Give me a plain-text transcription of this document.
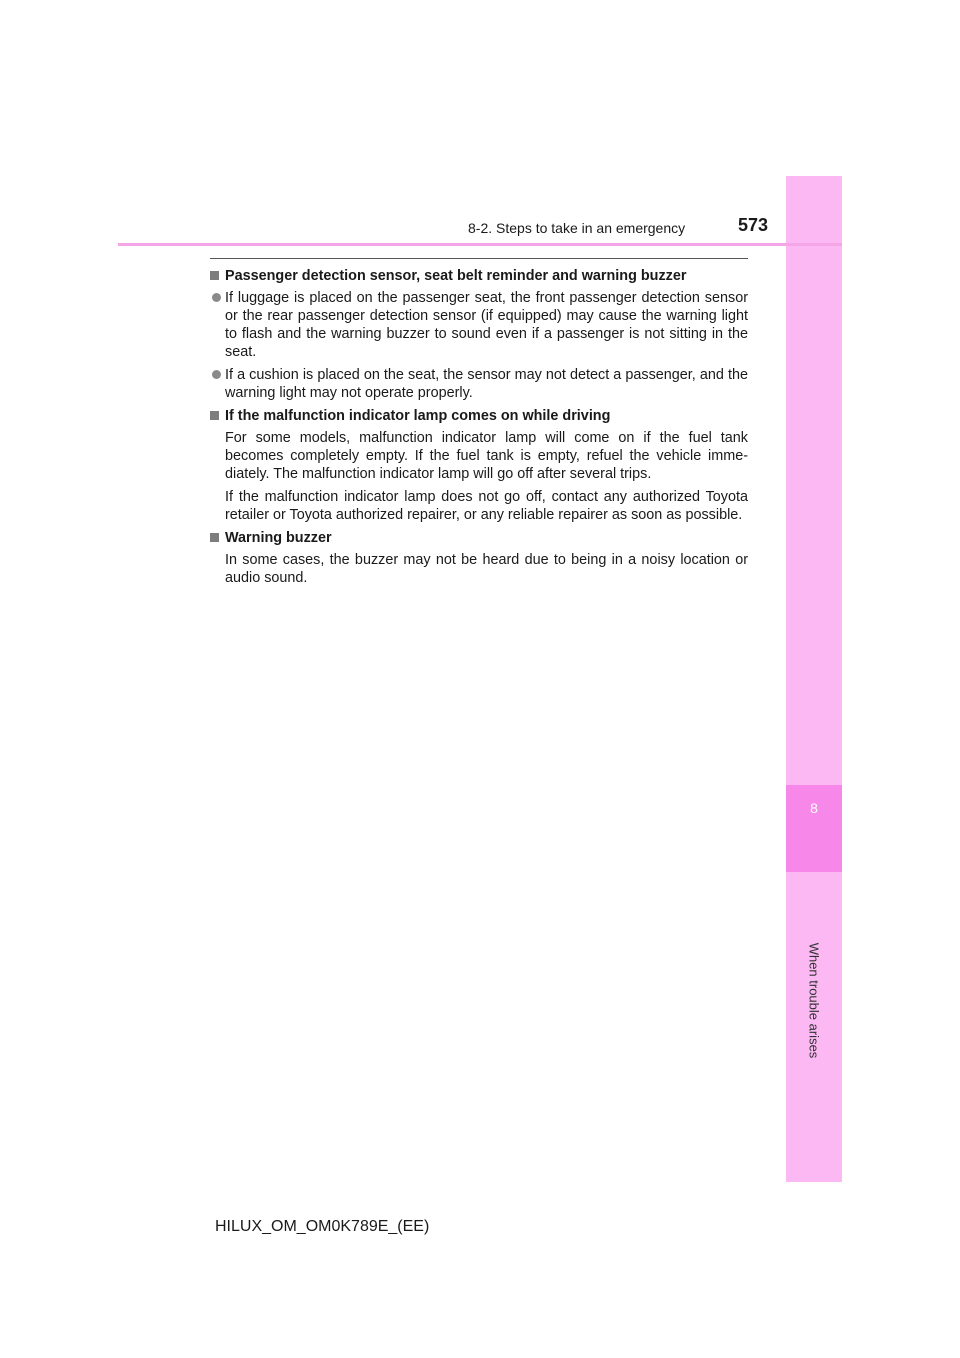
8
When trouble arises
8-2. Steps to take in an emergency	573
Passenger detection sensor, seat belt reminder and warning buzzer
If luggage is placed on the passenger seat, the front passenger detection sensor or the rear passenger detection sensor (if equipped) may cause the warning light to flash and the warning buzzer to sound even if a passenger is not sitting in the seat.
If a cushion is placed on the seat, the sensor may not detect a passenger, and the warning light may not operate properly.
If the malfunction indicator lamp comes on while driving
For some models, malfunction indicator lamp will come on if the fuel tank becomes completely empty. If the fuel tank is empty, refuel the vehicle imme-diately. The malfunction indicator lamp will go off after several trips.
If the malfunction indicator lamp does not go off, contact any authorized Toyota retailer or Toyota authorized repairer, or any reliable repairer as soon as possible.
Warning buzzer
In some cases, the buzzer may not be heard due to being in a noisy location or audio sound.
HILUX_OM_OM0K789E_(EE)
